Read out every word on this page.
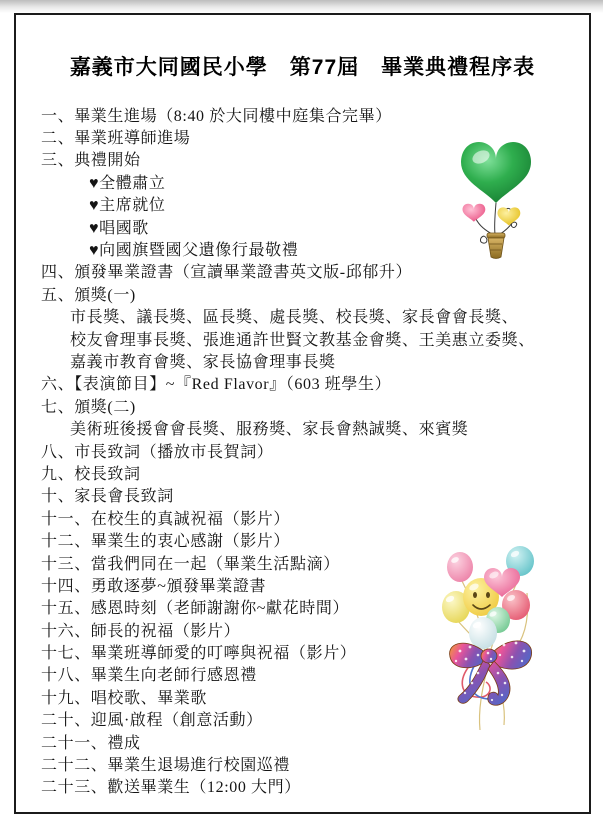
嘉義市大同國民小學　第77屆　畢業典禮程序表
一、畢業生進場（8:40 於大同樓中庭集合完畢）
二、畢業班導師進場
三、典禮開始
♥全體肅立
♥主席就位
♥唱國歌
♥向國旗暨國父遺像行最敬禮
四、頒發畢業證書（宣讀畢業證書英文版-邱郁升）
五、頒獎(一)
市長獎、議長獎、區長獎、處長獎、校長獎、家長會會長獎、
校友會理事長獎、張進通許世賢文教基金會獎、王美惠立委獎、
嘉義市教育會獎、家長協會理事長獎
六、【表演節目】~『Red Flavor』（603 班學生）
七、頒獎(二)
美術班後援會會長獎、服務獎、家長會熱誠獎、來賓獎
八、市長致詞（播放市長賀詞）
九、校長致詞
十、家長會長致詞
十一、在校生的真誠祝福（影片）
十二、畢業生的衷心感謝（影片）
十三、當我們同在一起（畢業生活點滴）
十四、勇敢逐夢~頒發畢業證書
十五、感恩時刻（老師謝謝你~獻花時間）
十六、師長的祝福（影片）
十七、畢業班導師愛的叮嚀與祝福（影片）
十八、畢業生向老師行感恩禮
十九、唱校歌、畢業歌
二十、迎風·啟程（創意活動）
二十一、禮成
二十二、畢業生退場進行校園巡禮
二十三、歡送畢業生（12:00 大門）
